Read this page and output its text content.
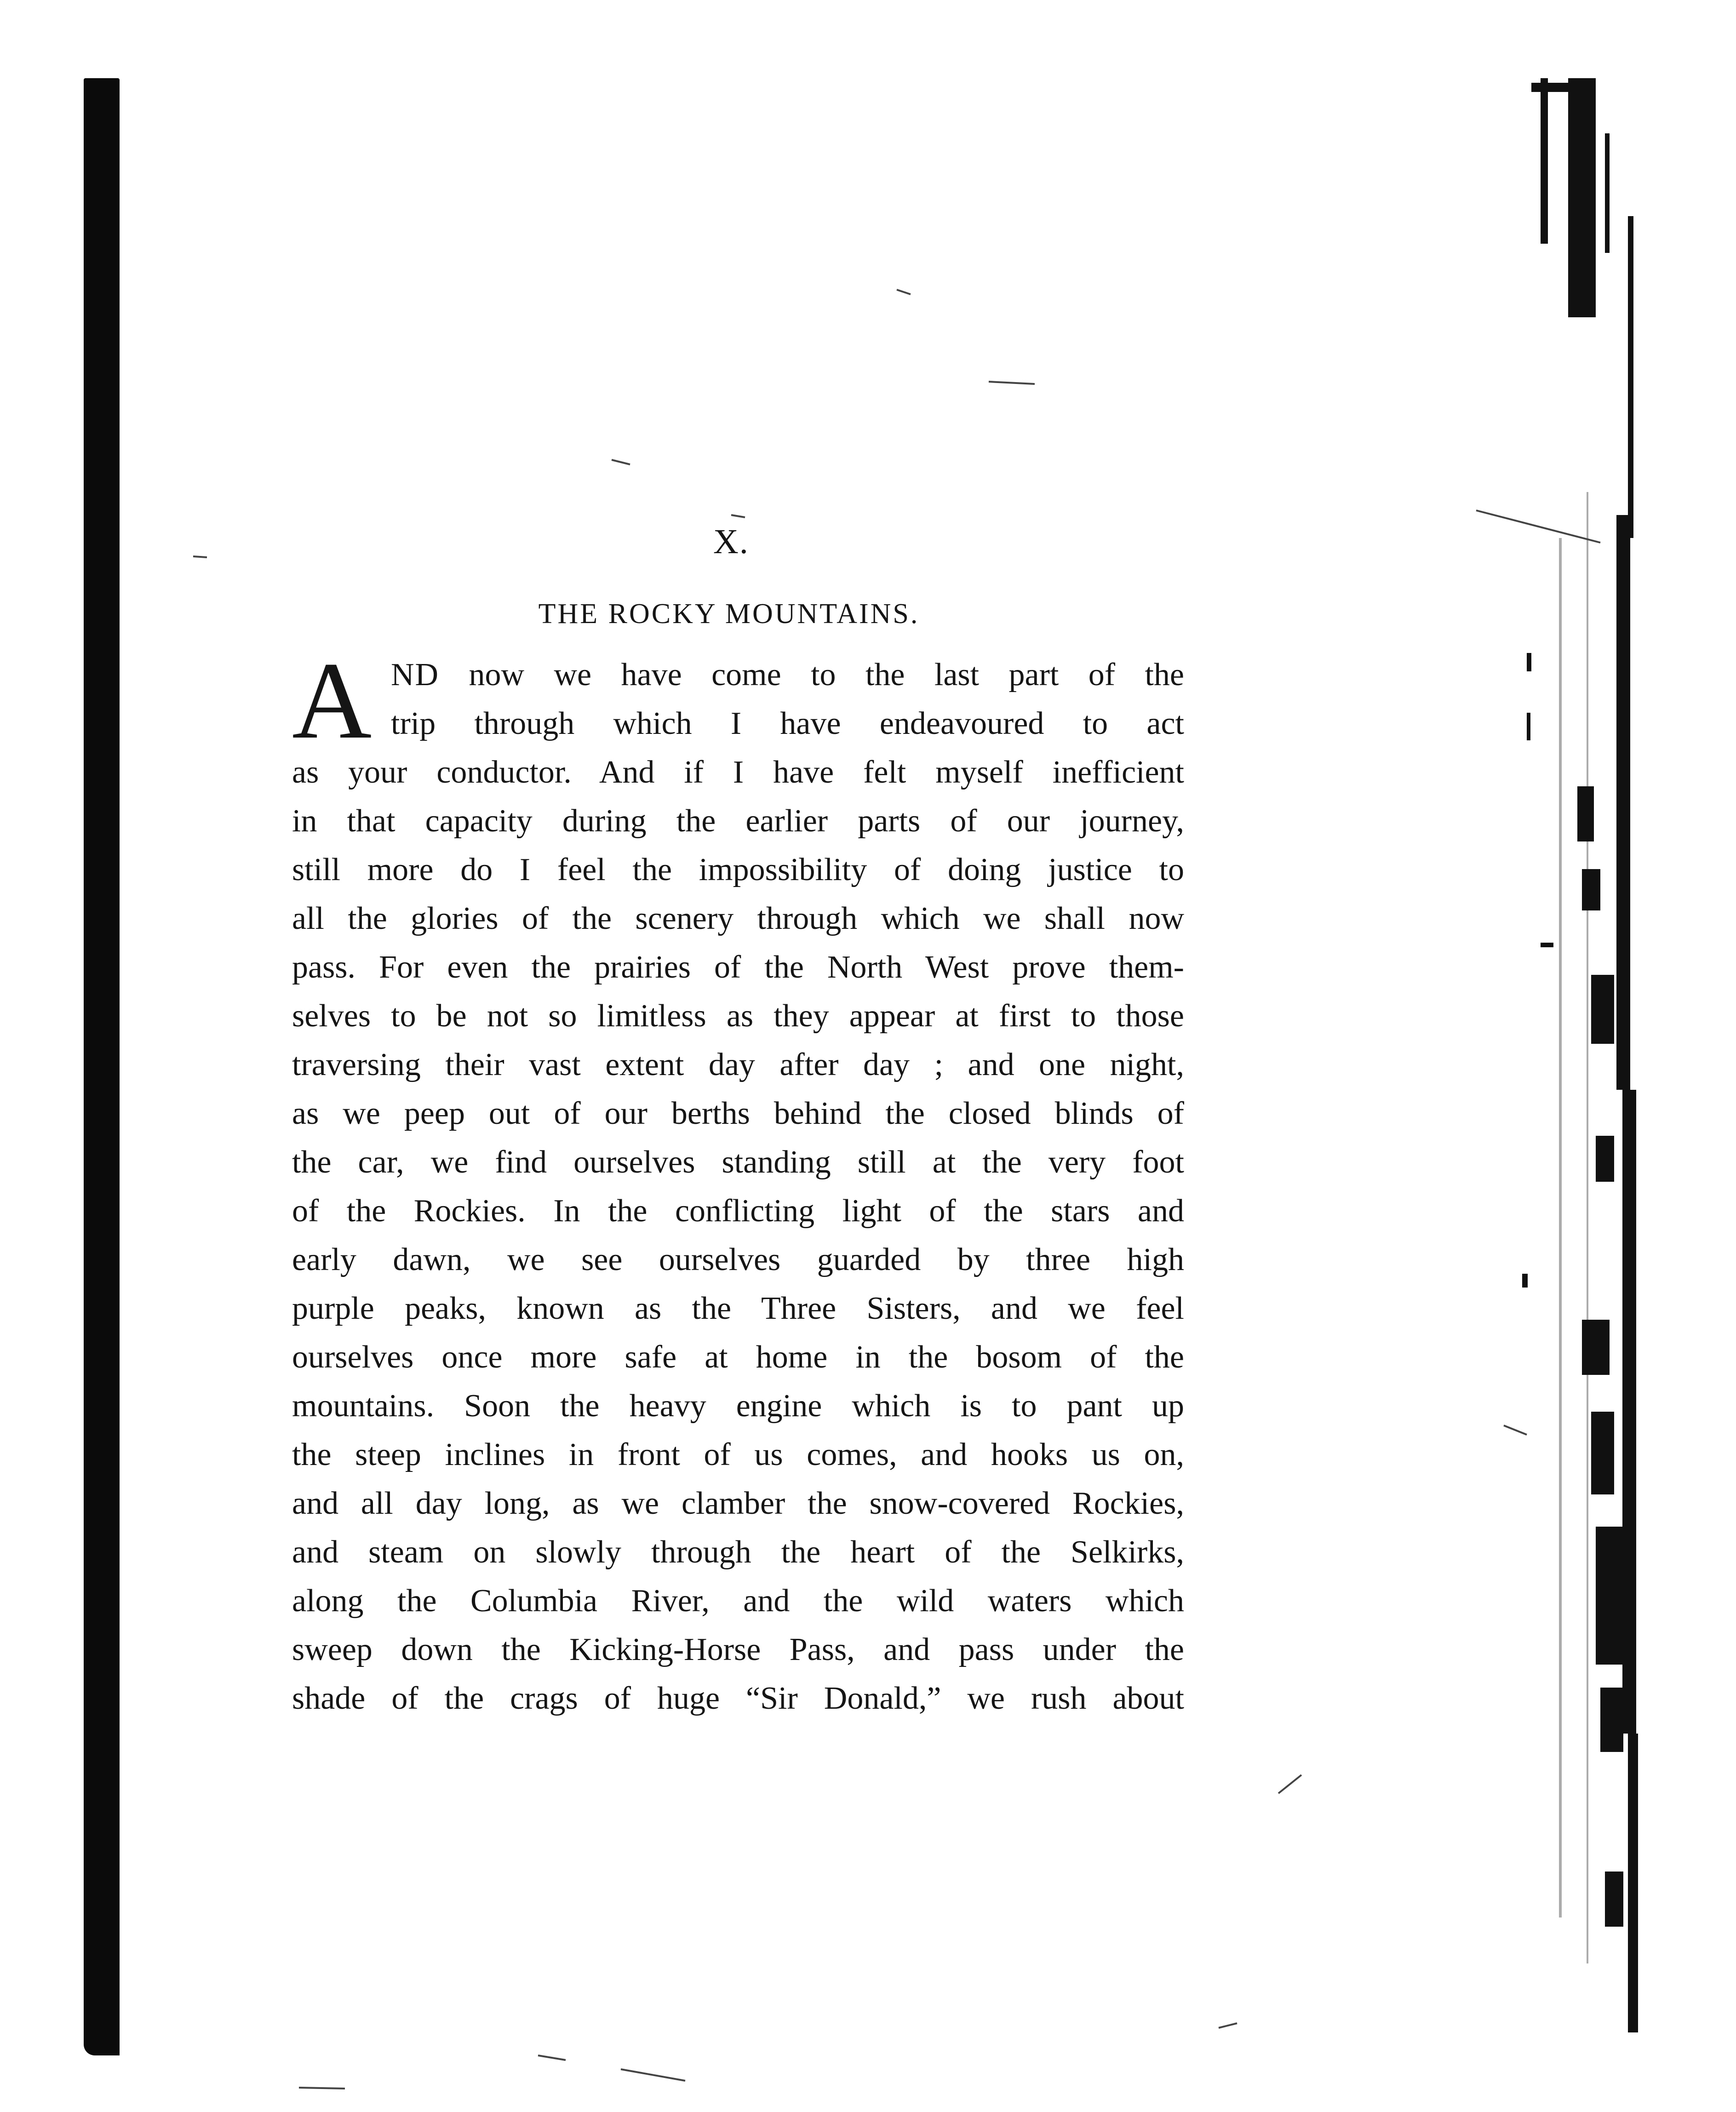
X.
THE ROCKY MOUNTAINS.
A ND now we have come to the last part of the
trip through which I have endeavoured to act
as your conductor. And if I have felt myself inefficient
in that capacity during the earlier parts of our journey,
still more do I feel the impossibility of doing justice to
all the glories of the scenery through which we shall now
pass. For even the prairies of the North West prove them-
selves to be not so limitless as they appear at first to those
traversing their vast extent day after day ; and one night,
as we peep out of our berths behind the closed blinds of
the car, we find ourselves standing still at the very foot
of the Rockies. In the conflicting light of the stars and
early dawn, we see ourselves guarded by three high
purple peaks, known as the Three Sisters, and we feel
ourselves once more safe at home in the bosom of the
mountains. Soon the heavy engine which is to pant up
the steep inclines in front of us comes, and hooks us on,
and all day long, as we clamber the snow-covered Rockies,
and steam on slowly through the heart of the Selkirks,
along the Columbia River, and the wild waters which
sweep down the Kicking-Horse Pass, and pass under the
shade of the crags of huge “Sir Donald,” we rush about
